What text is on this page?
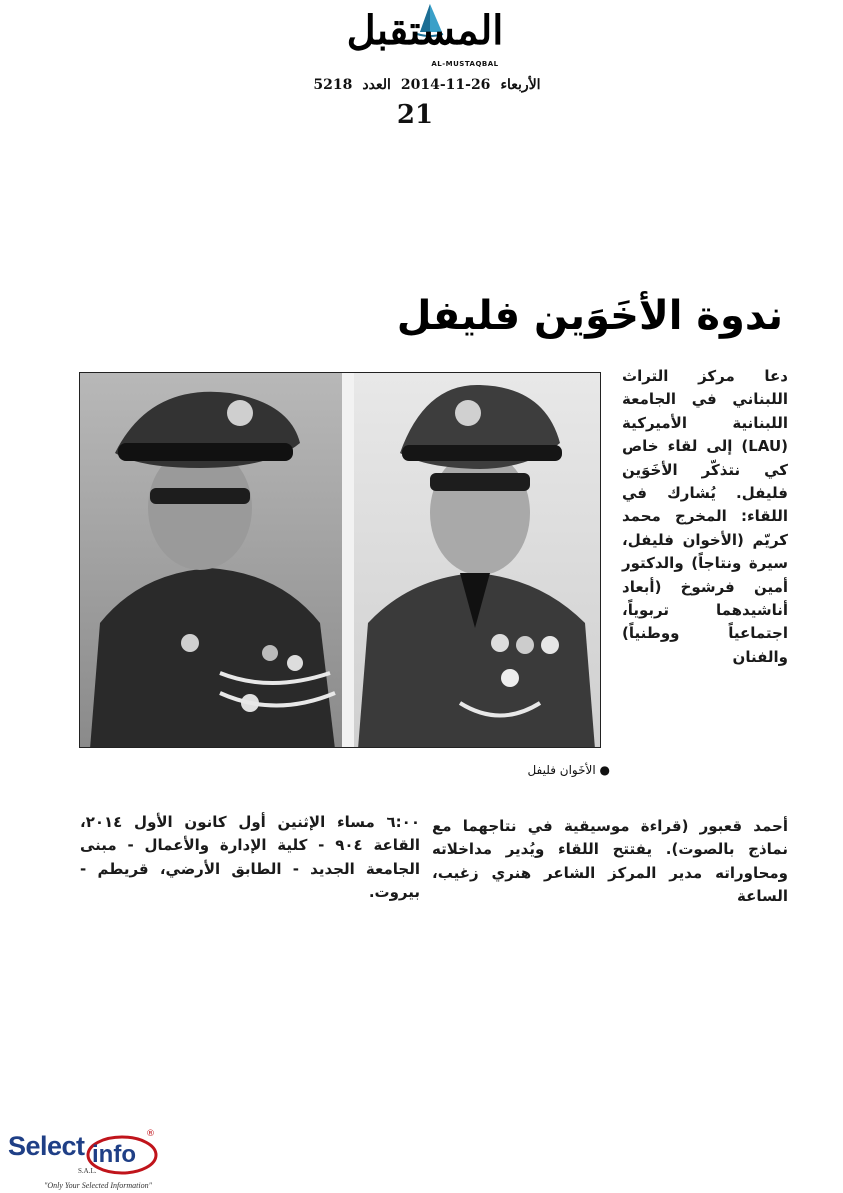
المستقبل
AL-MUSTAQBAL
5218 العدد 2014-11-26 الأربعاء
21
ندوة الأخَوَين فليفل
● الأخَوان فليفل

دعا مركز التراث اللبناني في الجامعة اللبنانية الأميركية (LAU) إلى لقاء خاص كي نتذكّر الأخَوَين فليفل. يُشارك في اللقاء: المخرج محمد كريّم (الأخوان فليفل، سيرة ونتاجاً) والدكتور أمين فرشوخ (أبعاد أناشيدهما تربوياً، اجتماعياً ووطنياً) والفنان

أحمد قعبور (قراءة موسيقية في نتاجهما مع نماذج بالصوت). يفتتح اللقاء ويُدير مداخلاته ومحاوراته مدير المركز الشاعر هنري زغيب، الساعة

٦:٠٠ مساء الإثنين أول كانون الأول ٢٠١٤، القاعة ٩٠٤ - كلية الإدارة والأعمال - مبنى الجامعة الجديد - الطابق الأرضي، قريطم - بيروت.

Select info
®
S.A.L.
"Only Your Selected Information"
